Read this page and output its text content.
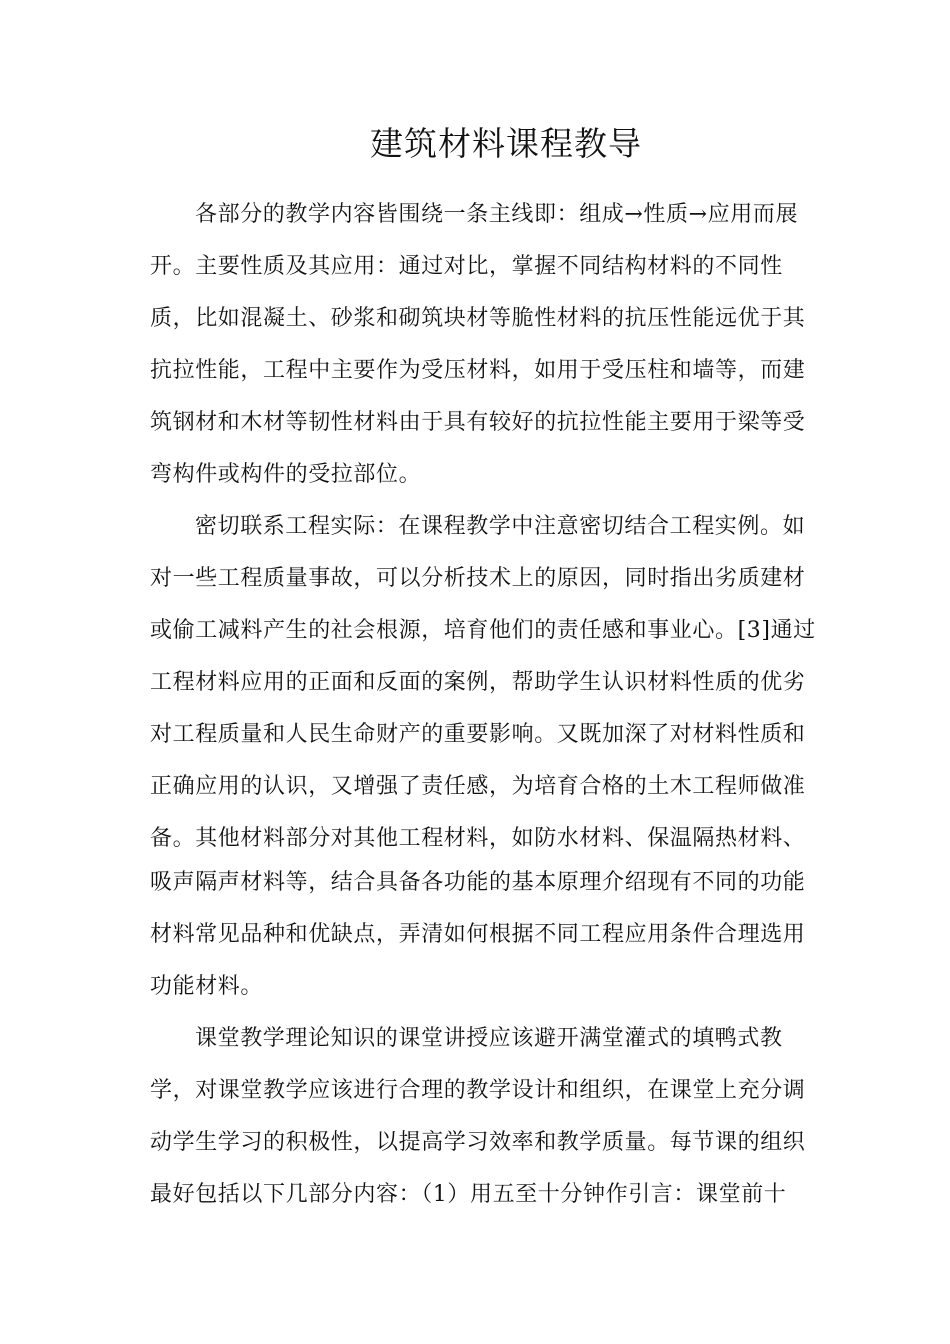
建筑材料课程教导
各部分的教学内容皆围绕一条主线即：组成→性质→应用而展
开。主要性质及其应用：通过对比，掌握不同结构材料的不同性
质，比如混凝土、砂浆和砌筑块材等脆性材料的抗压性能远优于其
抗拉性能，工程中主要作为受压材料，如用于受压柱和墙等，而建
筑钢材和木材等韧性材料由于具有较好的抗拉性能主要用于梁等受
弯构件或构件的受拉部位。
密切联系工程实际：在课程教学中注意密切结合工程实例。如
对一些工程质量事故，可以分析技术上的原因，同时指出劣质建材
或偷工减料产生的社会根源，培育他们的责任感和事业心。[3]通过
工程材料应用的正面和反面的案例，帮助学生认识材料性质的优劣
对工程质量和人民生命财产的重要影响。又既加深了对材料性质和
正确应用的认识，又增强了责任感，为培育合格的土木工程师做准
备。其他材料部分对其他工程材料，如防水材料、保温隔热材料、
吸声隔声材料等，结合具备各功能的基本原理介绍现有不同的功能
材料常见品种和优缺点，弄清如何根据不同工程应用条件合理选用
功能材料。
课堂教学理论知识的课堂讲授应该避开满堂灌式的填鸭式教
学，对课堂教学应该进行合理的教学设计和组织，在课堂上充分调
动学生学习的积极性，以提高学习效率和教学质量。每节课的组织
最好包括以下几部分内容：（1）用五至十分钟作引言：课堂前十
